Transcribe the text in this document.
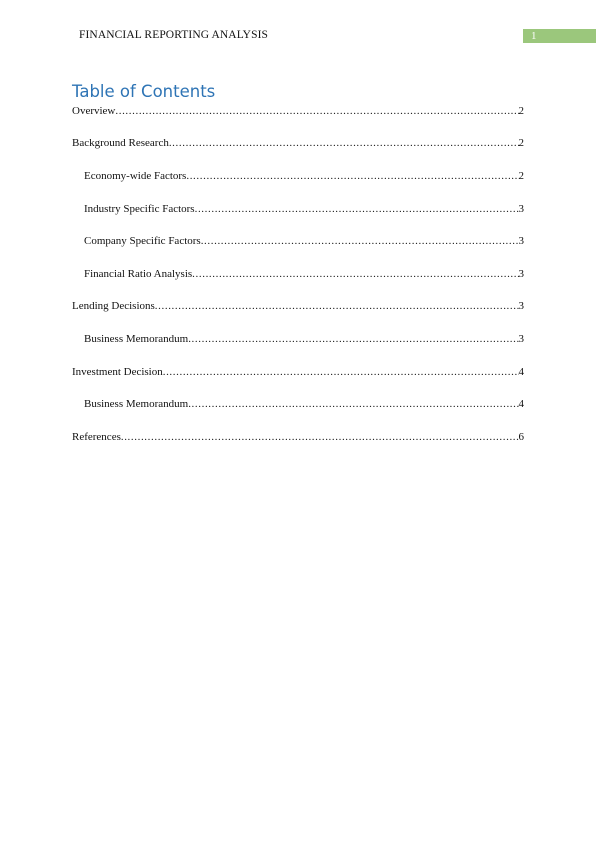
FINANCIAL REPORTING ANALYSIS	1
Table of Contents
Overview .....	2
Background Research .....	2
Economy-wide Factors .....	2
Industry Specific Factors .....	3
Company Specific Factors .....	3
Financial Ratio Analysis .....	3
Lending Decisions .....	3
Business Memorandum .....	3
Investment Decision .....	4
Business Memorandum .....	4
References .....	6
